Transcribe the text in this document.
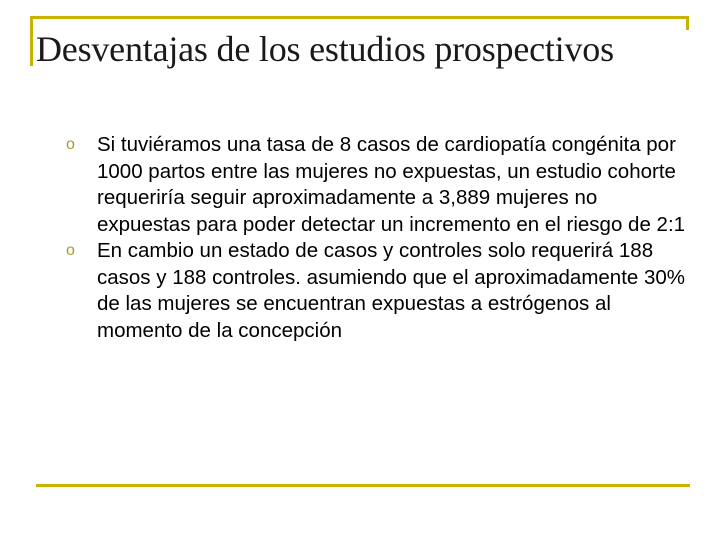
Desventajas de los estudios prospectivos
o Si tuviéramos una tasa de 8 casos de cardiopatía congénita por 1000 partos entre las mujeres no expuestas, un estudio cohorte requeriría seguir aproximadamente a 3,889 mujeres no expuestas para poder detectar un incremento en el riesgo de 2:1
o En cambio un estado de casos y controles solo requerirá 188 casos y 188 controles. asumiendo que el aproximadamente 30% de las mujeres se encuentran expuestas a estrógenos al momento de la concepción
